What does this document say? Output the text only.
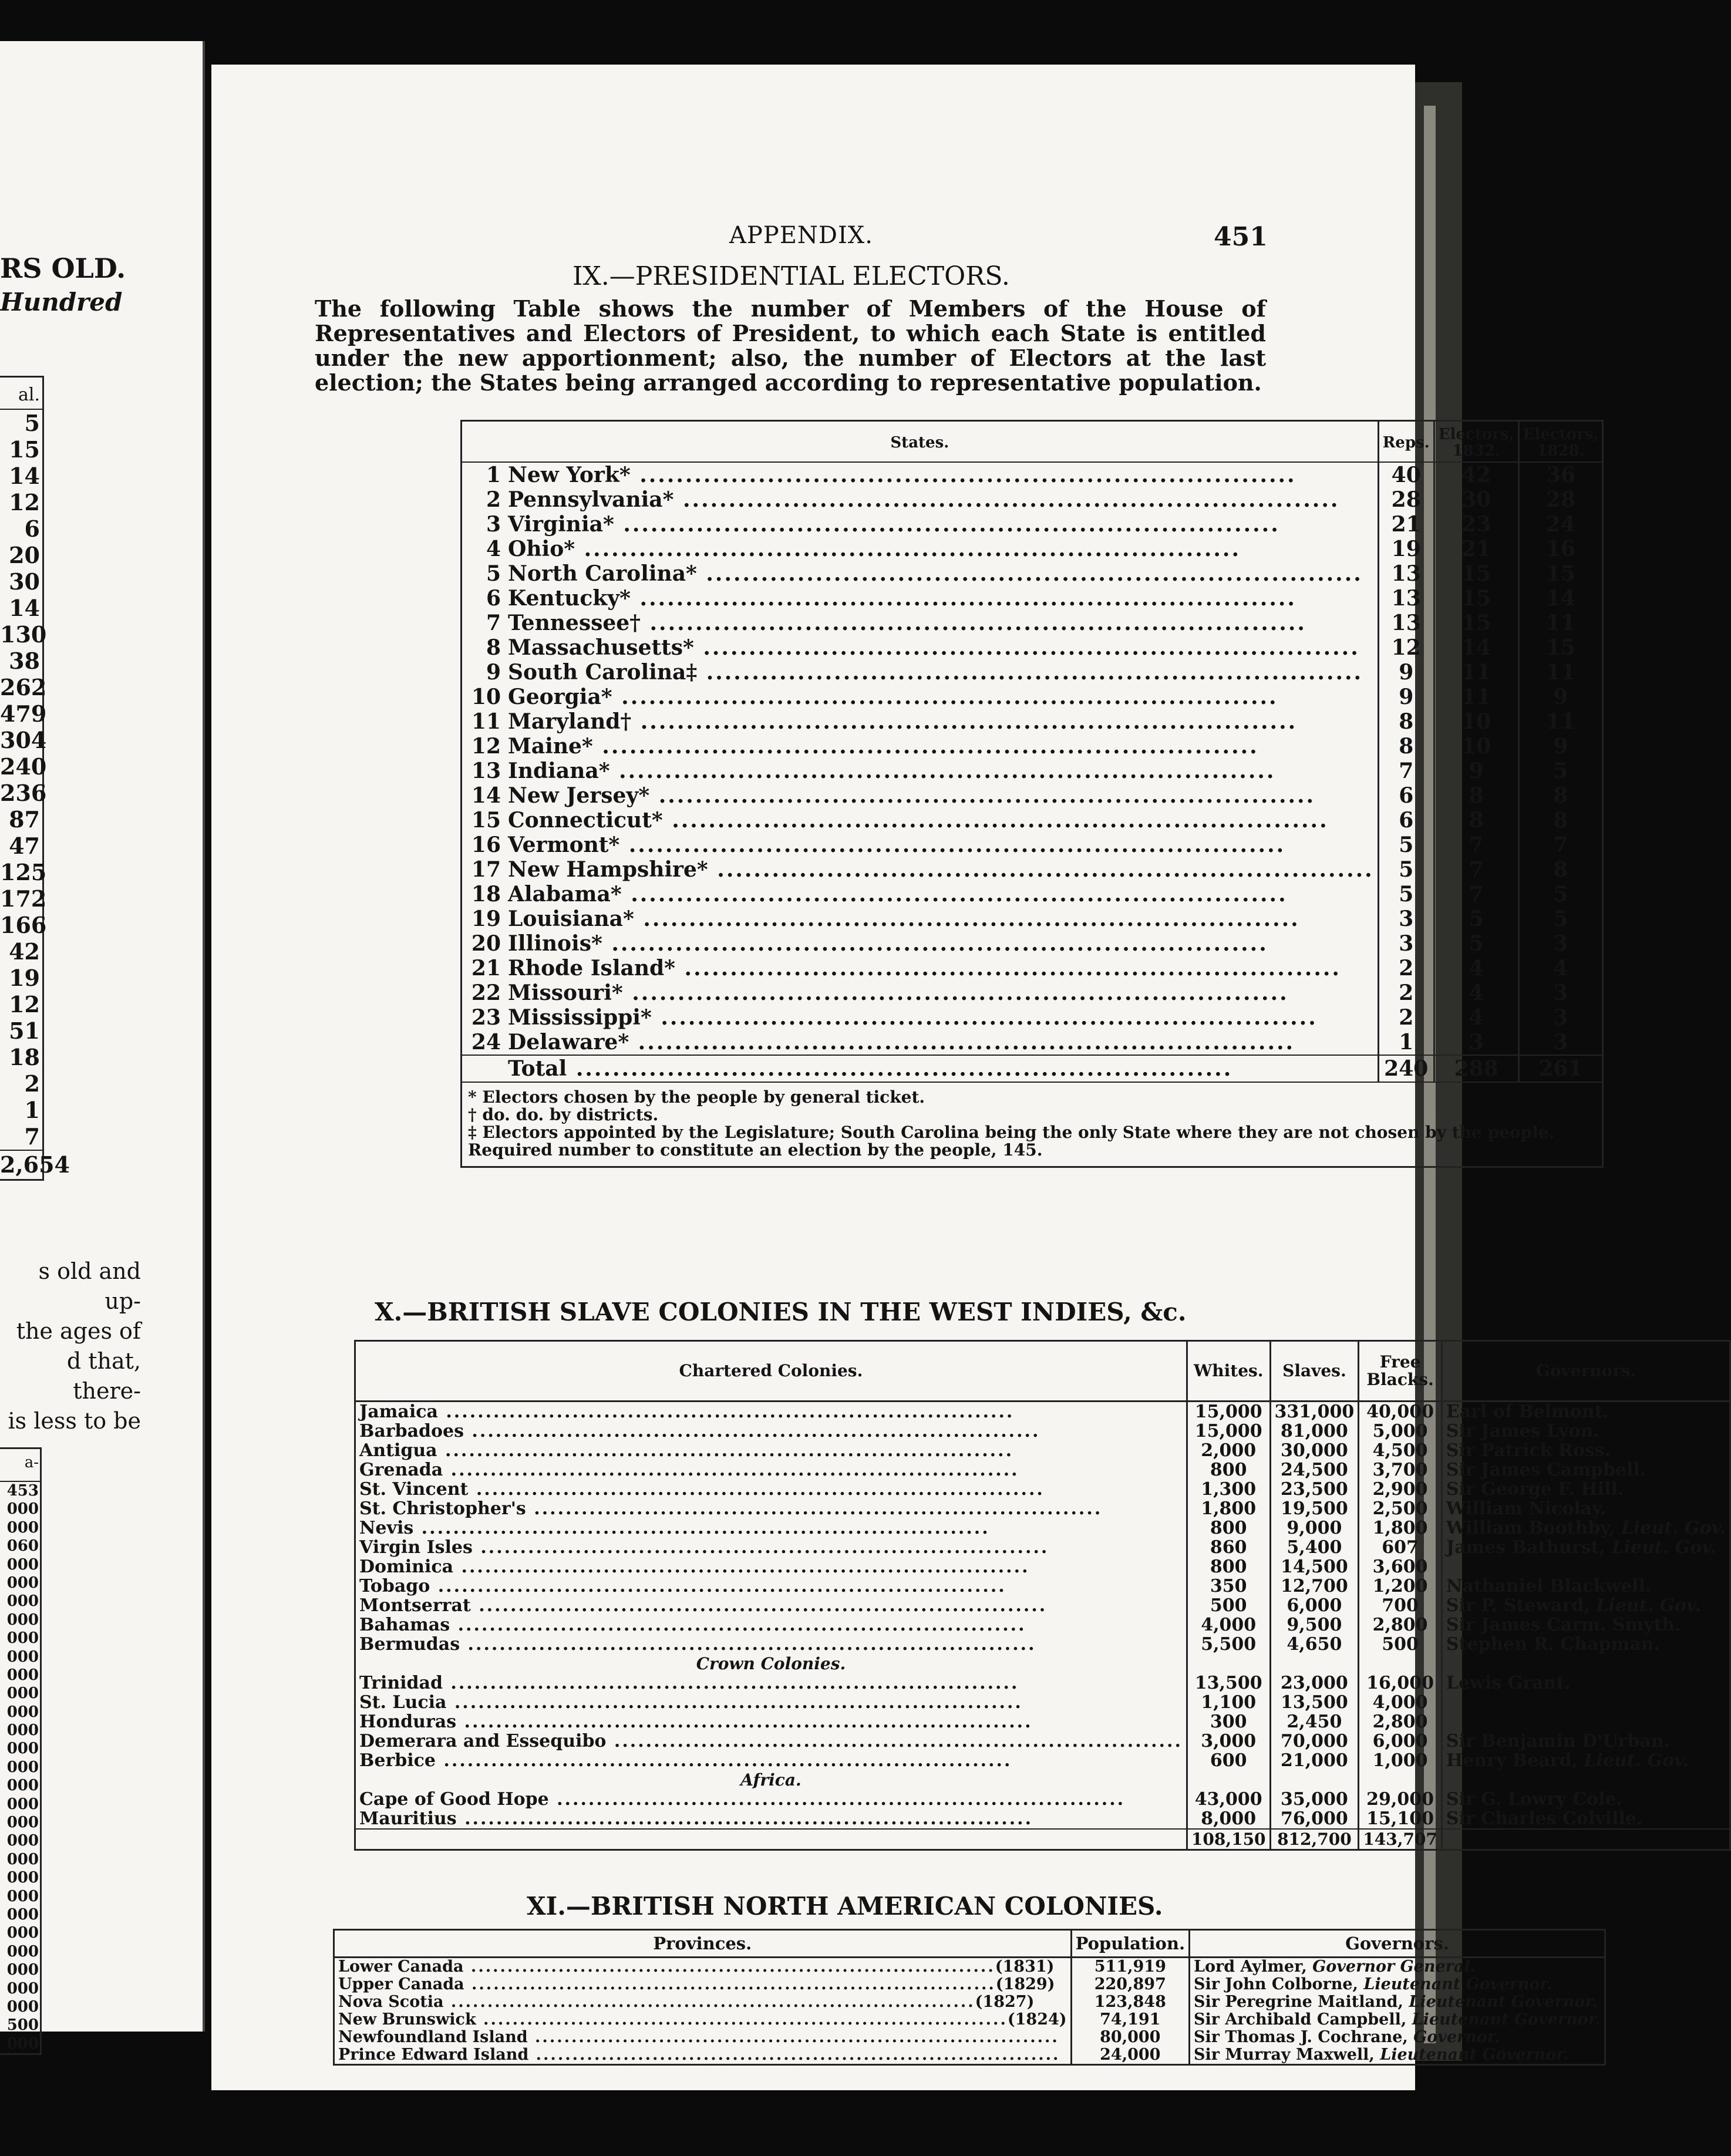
RS OLD.
Hundred
al.
5
15
14
12
6
20
30
14
130
38
262
479
304
240
236
87
47
125
172
166
42
19
12
51
18
2
1
7
2,654
s old and up-
the ages of
d that, there-
is less to be
a-
453
000
000
060
000
000
000
000
000
000
000
000
000
000
000
000
000
000
000
000
000
000
000
000
000
000
000
000
000
500
000
APPENDIX.	451
IX.—PRESIDENTIAL ELECTORS.
The following Table shows the number of Members of the House of Representatives and Electors of President, to which each State is entitled under the new apportionment; also, the number of Electors at the last election; the States being arranged according to representative population.
States.	Reps.	Electors, 1832.	Electors, 1828.
1 New York* .....	40	42	36
2 Pennsylvania* .....	28	30	28
3 Virginia* .....	21	23	24
4 Ohio* .....	19	21	16
5 North Carolina* .....	13	15	15
6 Kentucky* .....	13	15	14
7 Tennessee† .....	13	15	11
8 Massachusetts* .....	12	14	15
9 South Carolina‡ .....	9	11	11
10 Georgia* .....	9	11	9
11 Maryland† .....	8	10	11
12 Maine* .....	8	10	9
13 Indiana* .....	7	9	5
14 New Jersey* .....	6	8	8
15 Connecticut* .....	6	8	8
16 Vermont* .....	5	7	7
17 New Hampshire* .....	5	7	8
18 Alabama* .....	5	7	5
19 Louisiana* .....	3	5	5
20 Illinois* .....	3	5	3
21 Rhode Island* .....	2	4	4
22 Missouri* .....	2	4	3
23 Mississippi* .....	2	4	3
24 Delaware* .....	1	3	3
Total .....	240	288	261

* Electors chosen by the people by general ticket.
† do. do. by districts.
‡ Electors appointed by the Legislature; South Carolina being the only State where they are not chosen by the people.
Required number to constitute an election by the people, 145.			
X.—BRITISH SLAVE COLONIES IN THE WEST INDIES, &c.
Chartered Colonies.	Whites.	Slaves.	Free Blacks.	Governors.
Jamaica .....	15,000	331,000	40,000	Earl of Belmont.
Barbadoes .....	15,000	81,000	5,000	Sir James Lyon.
Antigua .....	2,000	30,000	4,500	Sir Patrick Ross.
Grenada .....	800	24,500	3,700	Sir James Campbell.
St. Vincent .....	1,300	23,500	2,900	Sir George F. Hill.
St. Christopher's .....	1,800	19,500	2,500	William Nicolay.
Nevis .....	800	9,000	1,800	William Boothby, Lieut. Gov.
Virgin Isles .....	860	5,400	607	James Bathurst, Lieut. Gov.
Dominica .....	800	14,500	3,600	
Tobago .....	350	12,700	1,200	Nathaniel Blackwell.
Montserrat .....	500	6,000	700	Sir P. Steward, Lieut. Gov.
Bahamas .....	4,000	9,500	2,800	Sir James Carm. Smyth.
Bermudas .....	5,500	4,650	500	Stephen R. Chapman.
Crown Colonies.				
Trinidad .....	13,500	23,000	16,000	Lewis Grant.
St. Lucia .....	1,100	13,500	4,000	
Honduras .....	300	2,450	2,800	
Demerara and Essequibo .....	3,000	70,000	6,000	Sir Benjamin D'Urban.
Berbice .....	600	21,000	1,000	Henry Beard, Lieut. Gov.
Africa.				
Cape of Good Hope .....	43,000	35,000	29,000	Sir G. Lowry Cole.
Mauritius .....	8,000	76,000	15,100	Sir Charles Colville.
	108,150	812,700	143,707	
XI.—BRITISH NORTH AMERICAN COLONIES.
Provinces.	Population.	Governors.
Lower Canada ..... (1831)	511,919	Lord Aylmer, Governor General.
Upper Canada ..... (1829)	220,897	Sir John Colborne, Lieutenant Governor.
Nova Scotia ..... (1827)	123,848	Sir Peregrine Maitland, Lieutenant Governor.
New Brunswick ..... (1824)	74,191	Sir Archibald Campbell, Lieutenant Governor.
Newfoundland Island .....	80,000	Sir Thomas J. Cochrane, Governor.
Prince Edward Island .....	24,000	Sir Murray Maxwell, Lieutenant Governor.
